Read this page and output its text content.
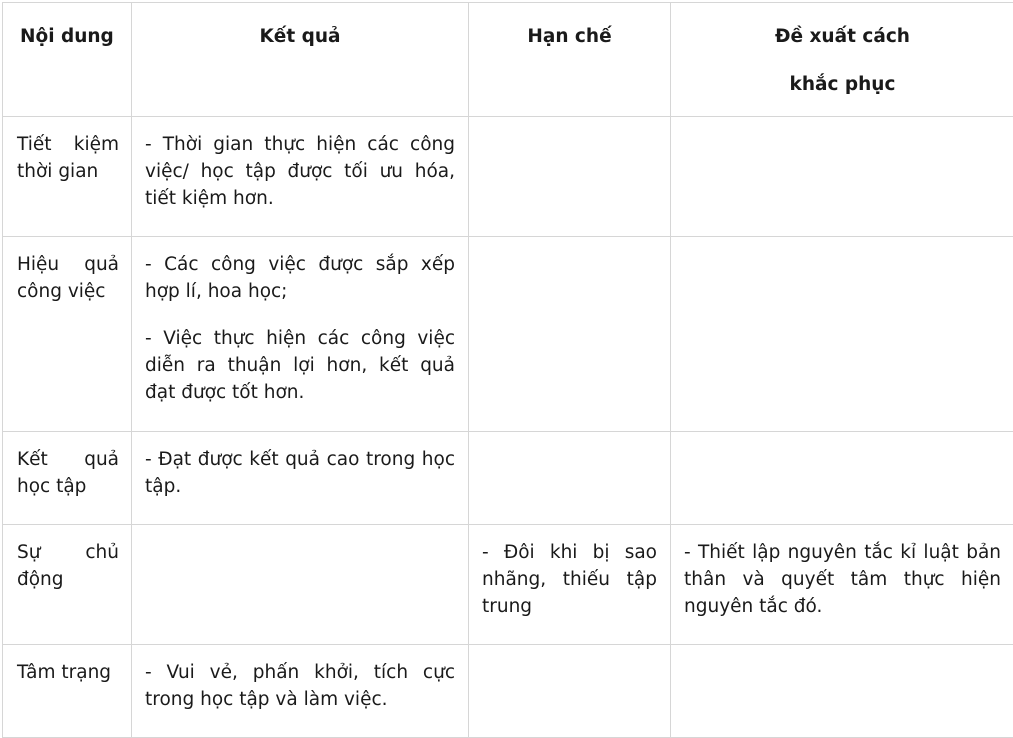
Nội dung	Kết quả	Hạn chế	Đề xuất cách
khắc phục

Tiết kiệm thời gian	- Thời gian thực hiện các công việc/ học tập được tối ưu hóa, tiết kiệm hơn.		

Hiệu quả công việc	- Các công việc được sắp xếp hợp lí, hoa học;
- Việc thực hiện các công việc diễn ra thuận lợi hơn, kết quả đạt được tốt hơn.		

Kết quả học tập	- Đạt được kết quả cao trong học tập.		

Sự chủ động		- Đôi khi bị sao nhãng, thiếu tập trung	- Thiết lập nguyên tắc kỉ luật bản thân và quyết tâm thực hiện nguyên tắc đó.
Tâm trạng	- Vui vẻ, phấn khởi, tích cực trong học tập và làm việc.		
